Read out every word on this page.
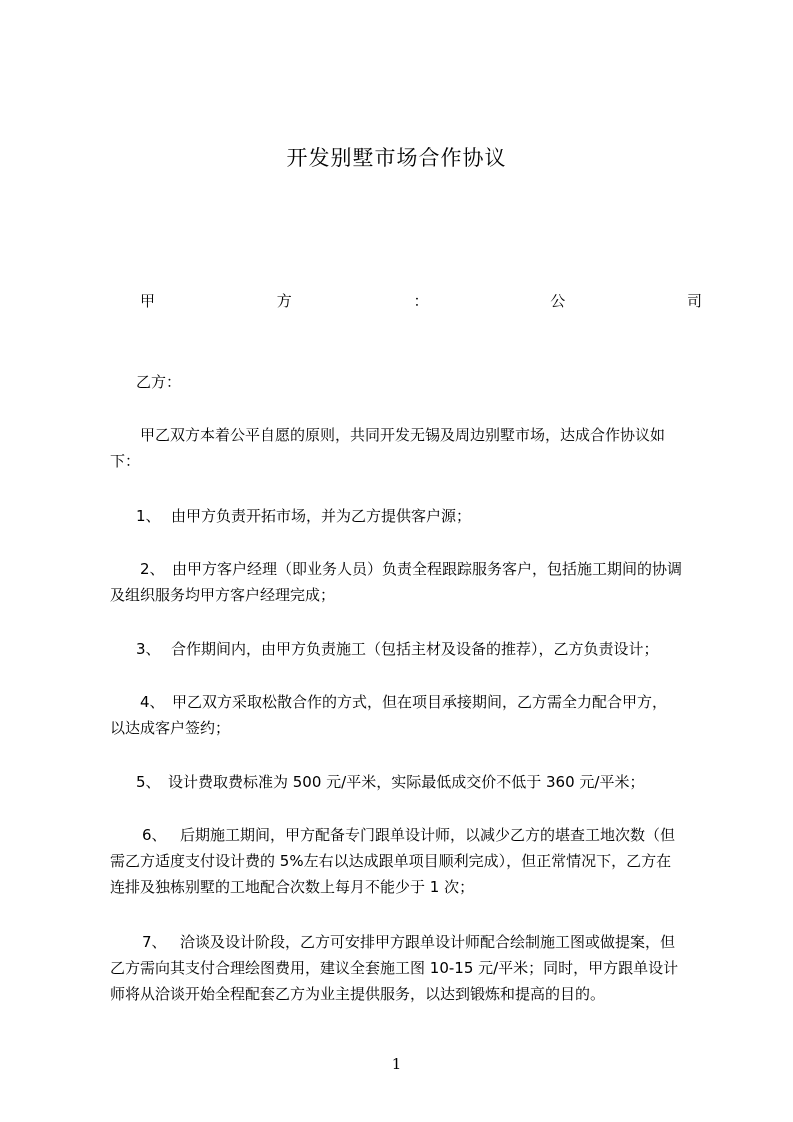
开发别墅市场合作协议
甲	方	：	公	司
乙方：
甲乙双方本着公平自愿的原则，共同开发无锡及周边别墅市场，达成合作协议如
下：
1、 由甲方负责开拓市场，并为乙方提供客户源；
2、 由甲方客户经理（即业务人员）负责全程跟踪服务客户，包括施工期间的协调
及组织服务均甲方客户经理完成；
3、 合作期间内，由甲方负责施工（包括主材及设备的推荐），乙方负责设计；
4、 甲乙双方采取松散合作的方式，但在项目承接期间，乙方需全力配合甲方，
以达成客户签约；
5、 设计费取费标准为 500 元/平米，实际最低成交价不低于 360 元/平米；
6、 后期施工期间，甲方配备专门跟单设计师，以减少乙方的堪查工地次数（但
需乙方适度支付设计费的 5%左右以达成跟单项目顺利完成），但正常情况下，乙方在
连排及独栋别墅的工地配合次数上每月不能少于 1 次；
7、 洽谈及设计阶段，乙方可安排甲方跟单设计师配合绘制施工图或做提案，但
乙方需向其支付合理绘图费用，建议全套施工图 10-15 元/平米；同时，甲方跟单设计
师将从洽谈开始全程配套乙方为业主提供服务，以达到锻炼和提高的目的。
1
